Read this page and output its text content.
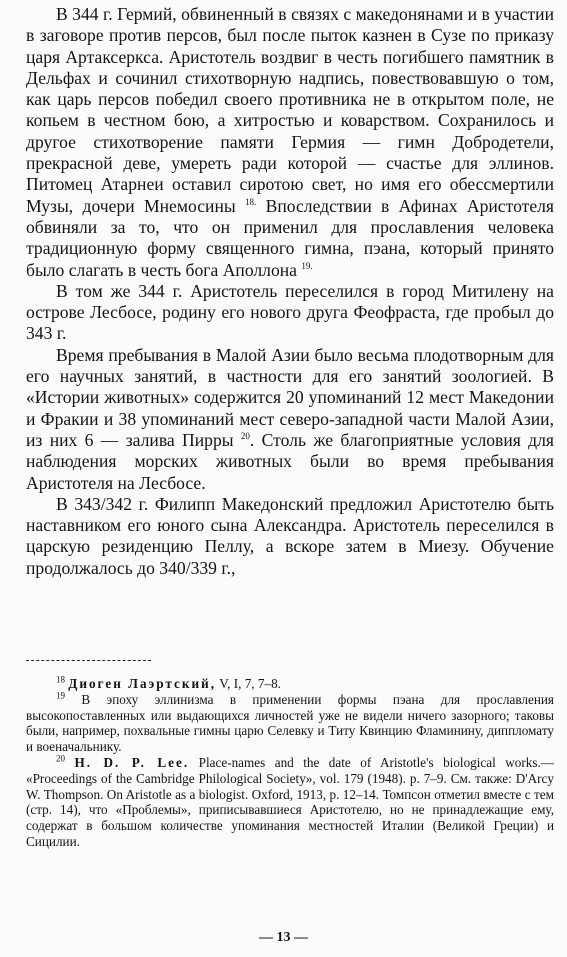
В 344 г. Гермий, обвиненный в связях с македонянами и в участии в заговоре против персов, был после пыток казнен в Сузе по приказу царя Артаксеркса. Аристотель воздвиг в честь погибшего памятник в Дельфах и сочинил стихотворную надпись, повествовавшую о том, как царь персов победил своего противника не в открытом поле, не копьем в честном бою, а хитростью и коварством. Сохранилось и другое стихотворение памяти Гермия — гимн Добродетели, прекрасной деве, умереть ради которой — счастье для эллинов. Питомец Атарнеи оставил сиротою свет, но имя его обессмертили Музы, дочери Мнемосины $^{18.}$ Впоследствии в Афинах Аристотеля обвиняли за то, что он применил для прославления человека традиционную форму священного гимна, пэана, который принято было слагать в честь бога Аполлона $^{19.}$

В том же 344 г. Аристотель переселился в город Митилену на острове Лесбосе, родину его нового друга Феофраста, где пробыл до 343 г.

Время пребывания в Малой Азии было весьма плодотворным для его научных занятий, в частности для его занятий зоологией. В «Истории животных» содержится 20 упоминаний 12 мест Македонии и Фракии и 38 упоминаний мест северо-западной части Малой Азии, из них 6 — залива Пирры $^{20}$. Столь же благоприятные условия для наблюдения морских животных были во время пребывания Аристотеля на Лесбосе.

В 343/342 г. Филипп Македонский предложил Аристотелю быть наставником его юного сына Александра. Аристотель переселился в царскую резиденцию Пеллу, а вскоре затем в Миезу. Обучение продолжалось до 340/339 г.,

$^{18}$ Диоген Лаэртский, V, I, 7, 7–8.

$^{19}$ В эпоху эллинизма в применении формы пэана для прославления высокопоставленных или выдающихся личностей уже не видели ничего зазорного; таковы были, например, похвальные гимны царю Селевку и Титу Квинцию Фламинину, диппломату и военачальнику.

$^{20}$ H. D. P. Lee. Place-names and the date of Aristotle's biological works.— «Proceedings of the Cambridge Philological Society», vol. 179 (1948). p. 7–9. См. также: D'Arcy W. Thompson. On Aristotle as a biologist. Oxford, 1913, p. 12–14. Томпсон отметил вместе с тем (стр. 14), что «Проблемы», приписывавшиеся Аристотелю, но не принадлежащие ему, содержат в большом количестве упоминания местностей Италии (Великой Греции) и Сицилии.

— 13 —
